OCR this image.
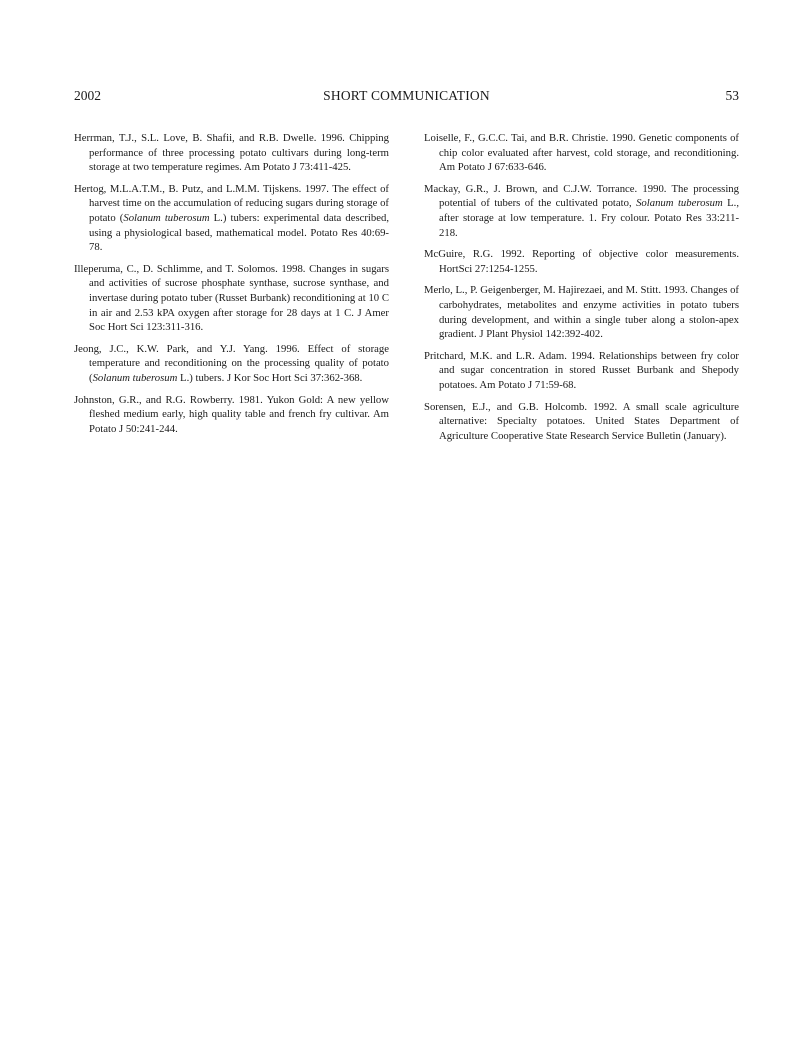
2002	SHORT COMMUNICATION	53

Herrman, T.J., S.L. Love, B. Shafii, and R.B. Dwelle. 1996. Chipping performance of three processing potato cultivars during long-term storage at two temperature regimes. Am Potato J 73:411-425.

Hertog, M.L.A.T.M., B. Putz, and L.M.M. Tijskens. 1997. The effect of harvest time on the accumulation of reducing sugars during storage of potato (Solanum tuberosum L.) tubers: experimental data described, using a physiological based, mathematical model. Potato Res 40:69-78.

Illeperuma, C., D. Schlimme, and T. Solomos. 1998. Changes in sugars and activities of sucrose phosphate synthase, sucrose synthase, and invertase during potato tuber (Russet Burbank) reconditioning at 10 C in air and 2.53 kPA oxygen after storage for 28 days at 1 C. J Amer Soc Hort Sci 123:311-316.

Jeong, J.C., K.W. Park, and Y.J. Yang. 1996. Effect of storage temperature and reconditioning on the processing quality of potato (Solanum tuberosum L.) tubers. J Kor Soc Hort Sci 37:362-368.

Johnston, G.R., and R.G. Rowberry. 1981. Yukon Gold: A new yellow fleshed medium early, high quality table and french fry cultivar. Am Potato J 50:241-244.

Loiselle, F., G.C.C. Tai, and B.R. Christie. 1990. Genetic components of chip color evaluated after harvest, cold storage, and reconditioning. Am Potato J 67:633-646.

Mackay, G.R., J. Brown, and C.J.W. Torrance. 1990. The processing potential of tubers of the cultivated potato, Solanum tuberosum L., after storage at low temperature. 1. Fry colour. Potato Res 33:211-218.

McGuire, R.G. 1992. Reporting of objective color measurements. HortSci 27:1254-1255.

Merlo, L., P. Geigenberger, M. Hajirezaei, and M. Stitt. 1993. Changes of carbohydrates, metabolites and enzyme activities in potato tubers during development, and within a single tuber along a stolon-apex gradient. J Plant Physiol 142:392-402.

Pritchard, M.K. and L.R. Adam. 1994. Relationships between fry color and sugar concentration in stored Russet Burbank and Shepody potatoes. Am Potato J 71:59-68.

Sorensen, E.J., and G.B. Holcomb. 1992. A small scale agriculture alternative: Specialty potatoes. United States Department of Agriculture Cooperative State Research Service Bulletin (January).
